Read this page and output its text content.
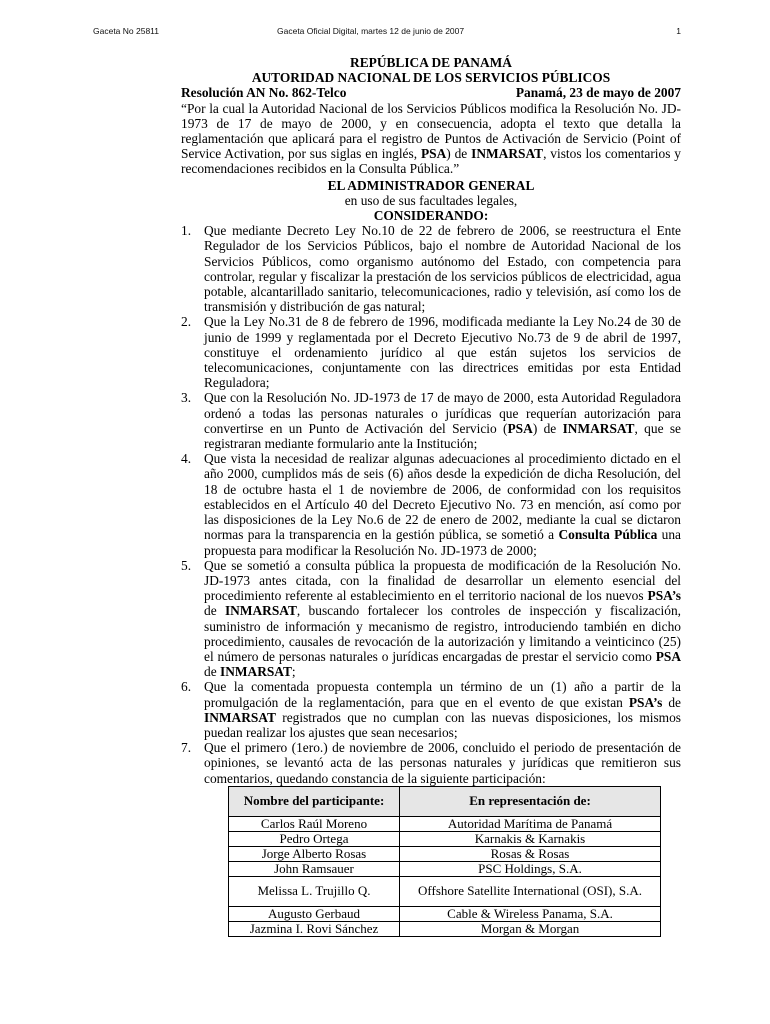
Gaceta No 25811	Gaceta Oficial Digital, martes 12 de junio de 2007	1
REPÚBLICA DE PANAMÁ
AUTORIDAD NACIONAL DE LOS SERVICIOS PÚBLICOS
Resolución AN No. 862-Telco	Panamá, 23 de mayo de 2007
“Por la cual la Autoridad Nacional de los Servicios Públicos modifica la Resolución No. JD-1973 de 17 de mayo de 2000, y en consecuencia, adopta el texto que detalla la reglamentación que aplicará para el registro de Puntos de Activación de Servicio (Point of Service Activation, por sus siglas en inglés, PSA) de INMARSAT, vistos los comentarios y recomendaciones recibidos en la Consulta Pública.”
EL ADMINISTRADOR GENERAL
en uso de sus facultades legales,
CONSIDERANDO:
1. Que mediante Decreto Ley No.10 de 22 de febrero de 2006, se reestructura el Ente Regulador de los Servicios Públicos, bajo el nombre de Autoridad Nacional de los Servicios Públicos, como organismo autónomo del Estado, con competencia para controlar, regular y fiscalizar la prestación de los servicios públicos de electricidad, agua potable, alcantarillado sanitario, telecomunicaciones, radio y televisión, así como los de transmisión y distribución de gas natural;
2. Que la Ley No.31 de 8 de febrero de 1996, modificada mediante la Ley No.24 de 30 de junio de 1999 y reglamentada por el Decreto Ejecutivo No.73 de 9 de abril de 1997, constituye el ordenamiento jurídico al que están sujetos los servicios de telecomunicaciones, conjuntamente con las directrices emitidas por esta Entidad Reguladora;
3. Que con la Resolución No. JD-1973 de 17 de mayo de 2000, esta Autoridad Reguladora ordenó a todas las personas naturales o jurídicas que requerían autorización para convertirse en un Punto de Activación del Servicio (PSA) de INMARSAT, que se registraran mediante formulario ante la Institución;
4. Que vista la necesidad de realizar algunas adecuaciones al procedimiento dictado en el año 2000, cumplidos más de seis (6) años desde la expedición de dicha Resolución, del 18 de octubre hasta el 1 de noviembre de 2006, de conformidad con los requisitos establecidos en el Artículo 40 del Decreto Ejecutivo No. 73 en mención, así como por las disposiciones de la Ley No.6 de 22 de enero de 2002, mediante la cual se dictaron normas para la transparencia en la gestión pública, se sometió a Consulta Pública una propuesta para modificar la Resolución No. JD-1973 de 2000;
5. Que se sometió a consulta pública la propuesta de modificación de la Resolución No. JD-1973 antes citada, con la finalidad de desarrollar un elemento esencial del procedimiento referente al establecimiento en el territorio nacional de los nuevos PSA’s de INMARSAT, buscando fortalecer los controles de inspección y fiscalización, suministro de información y mecanismo de registro, introduciendo también en dicho procedimiento, causales de revocación de la autorización y limitando a veinticinco (25) el número de personas naturales o jurídicas encargadas de prestar el servicio como PSA de INMARSAT;
6. Que la comentada propuesta contempla un término de un (1) año a partir de la promulgación de la reglamentación, para que en el evento de que existan PSA’s de INMARSAT registrados que no cumplan con las nuevas disposiciones, los mismos puedan realizar los ajustes que sean necesarios;
7. Que el primero (1ero.) de noviembre de 2006, concluido el periodo de presentación de opiniones, se levantó acta de las personas naturales y jurídicas que remitieron sus comentarios, quedando constancia de la siguiente participación:
Nombre del participante:	En representación de:
Carlos Raúl Moreno	Autoridad Marítima de Panamá
Pedro Ortega	Karnakis & Karnakis
Jorge Alberto Rosas	Rosas & Rosas
John Ramsauer	PSC Holdings, S.A.
Melissa L. Trujillo Q.	Offshore Satellite International (OSI), S.A.
Augusto Gerbaud	Cable & Wireless Panama, S.A.
Jazmina I. Rovi Sánchez	Morgan & Morgan
